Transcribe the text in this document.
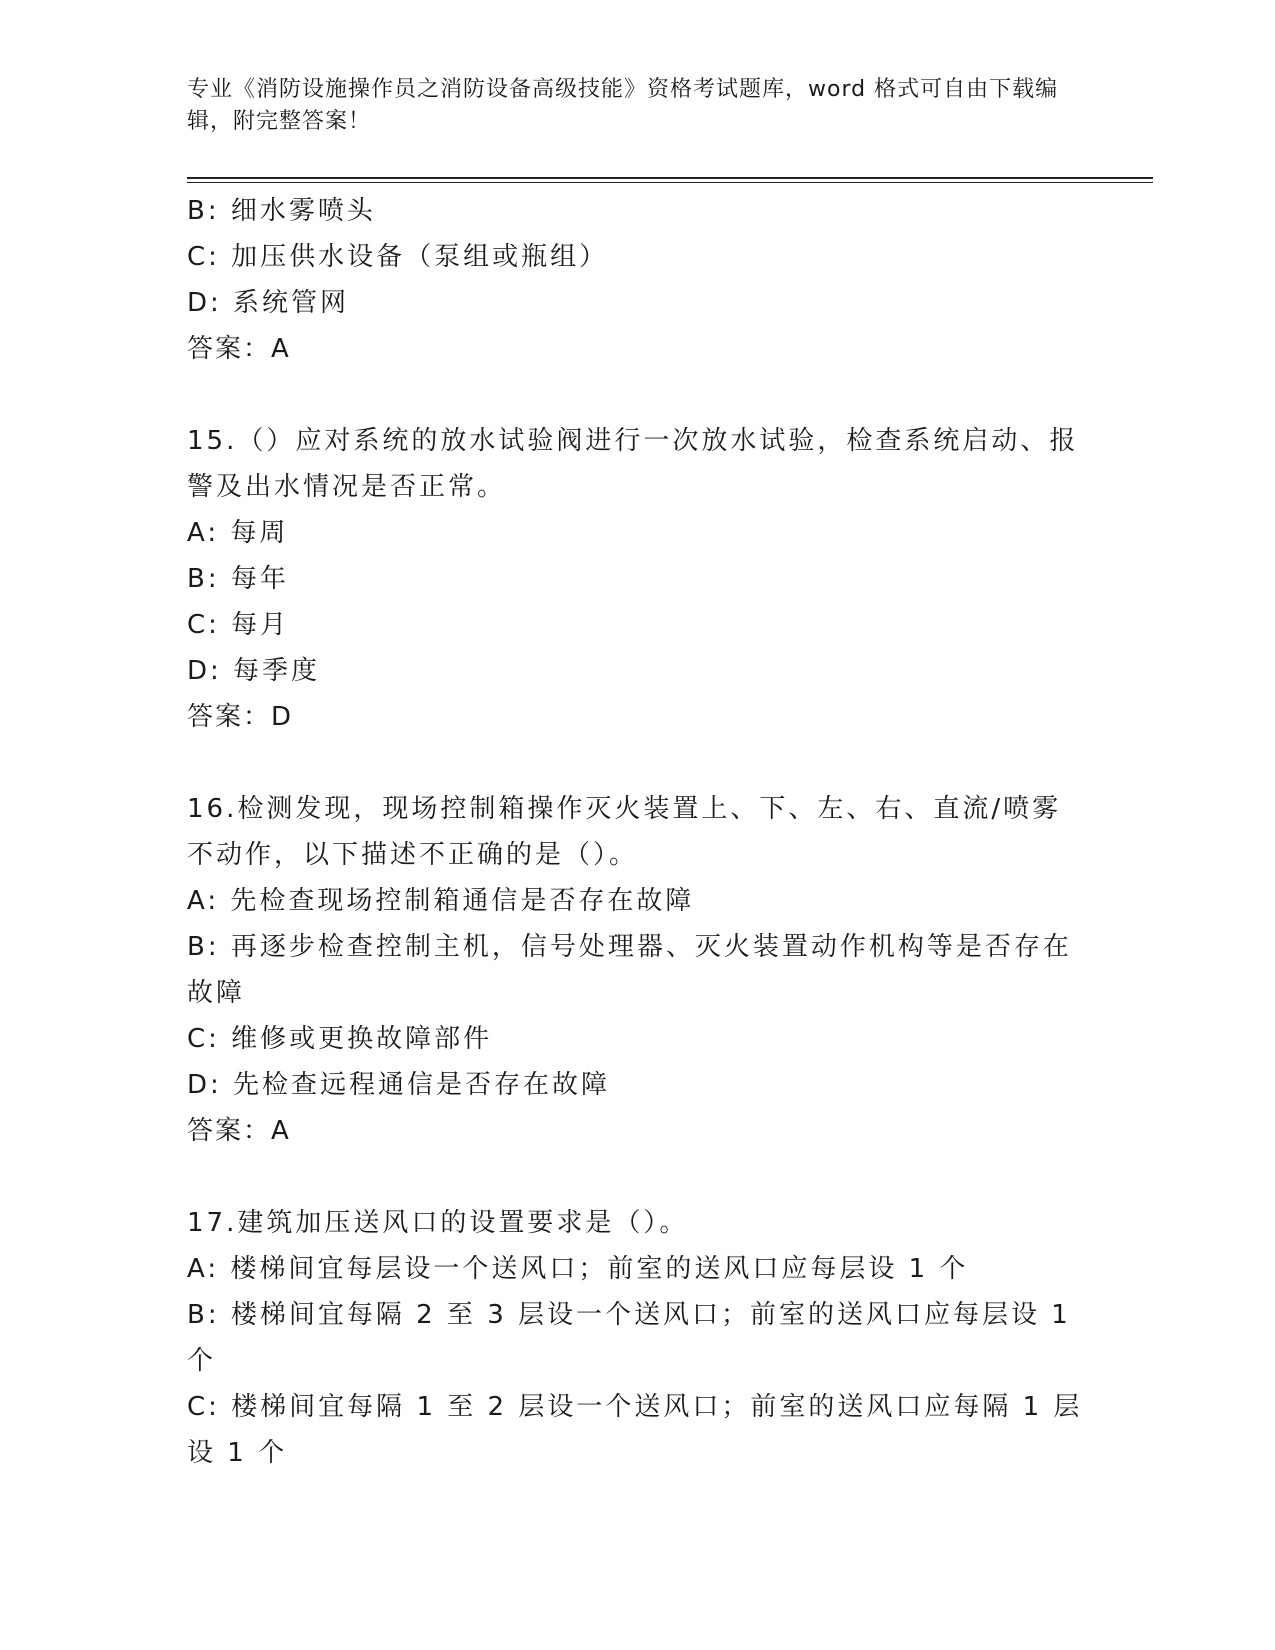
专业《消防设施操作员之消防设备高级技能》资格考试题库，word 格式可自由下载编辑，附完整答案！
B: 细水雾喷头
C: 加压供水设备（泵组或瓶组）
D: 系统管网
答案：A
15.（）应对系统的放水试验阀进行一次放水试验，检查系统启动、报警及出水情况是否正常。
A: 每周
B: 每年
C: 每月
D: 每季度
答案：D
16.检测发现，现场控制箱操作灭火装置上、下、左、右、直流/喷雾不动作，以下描述不正确的是（）。
A: 先检查现场控制箱通信是否存在故障
B: 再逐步检查控制主机，信号处理器、灭火装置动作机构等是否存在故障
C: 维修或更换故障部件
D: 先检查远程通信是否存在故障
答案：A
17.建筑加压送风口的设置要求是（）。
A: 楼梯间宜每层设一个送风口；前室的送风口应每层设 1 个
B: 楼梯间宜每隔 2 至 3 层设一个送风口；前室的送风口应每层设 1 个
C: 楼梯间宜每隔 1 至 2 层设一个送风口；前室的送风口应每隔 1 层设 1 个
